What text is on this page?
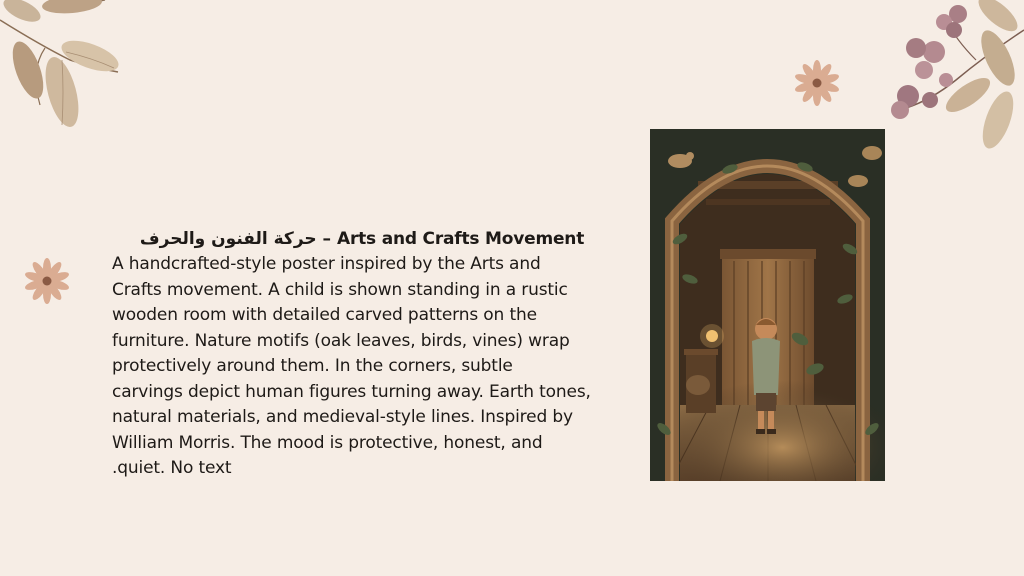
حركة الفنون والحرف – Arts and Crafts Movement
A handcrafted-style poster inspired by the Arts and
Crafts movement. A child is shown standing in a rustic
wooden room with detailed carved patterns on the
furniture. Nature motifs (oak leaves, birds, vines) wrap
protectively around them. In the corners, subtle
carvings depict human figures turning away. Earth tones,
natural materials, and medieval-style lines. Inspired by
William Morris. The mood is protective, honest, and
.quiet. No text
